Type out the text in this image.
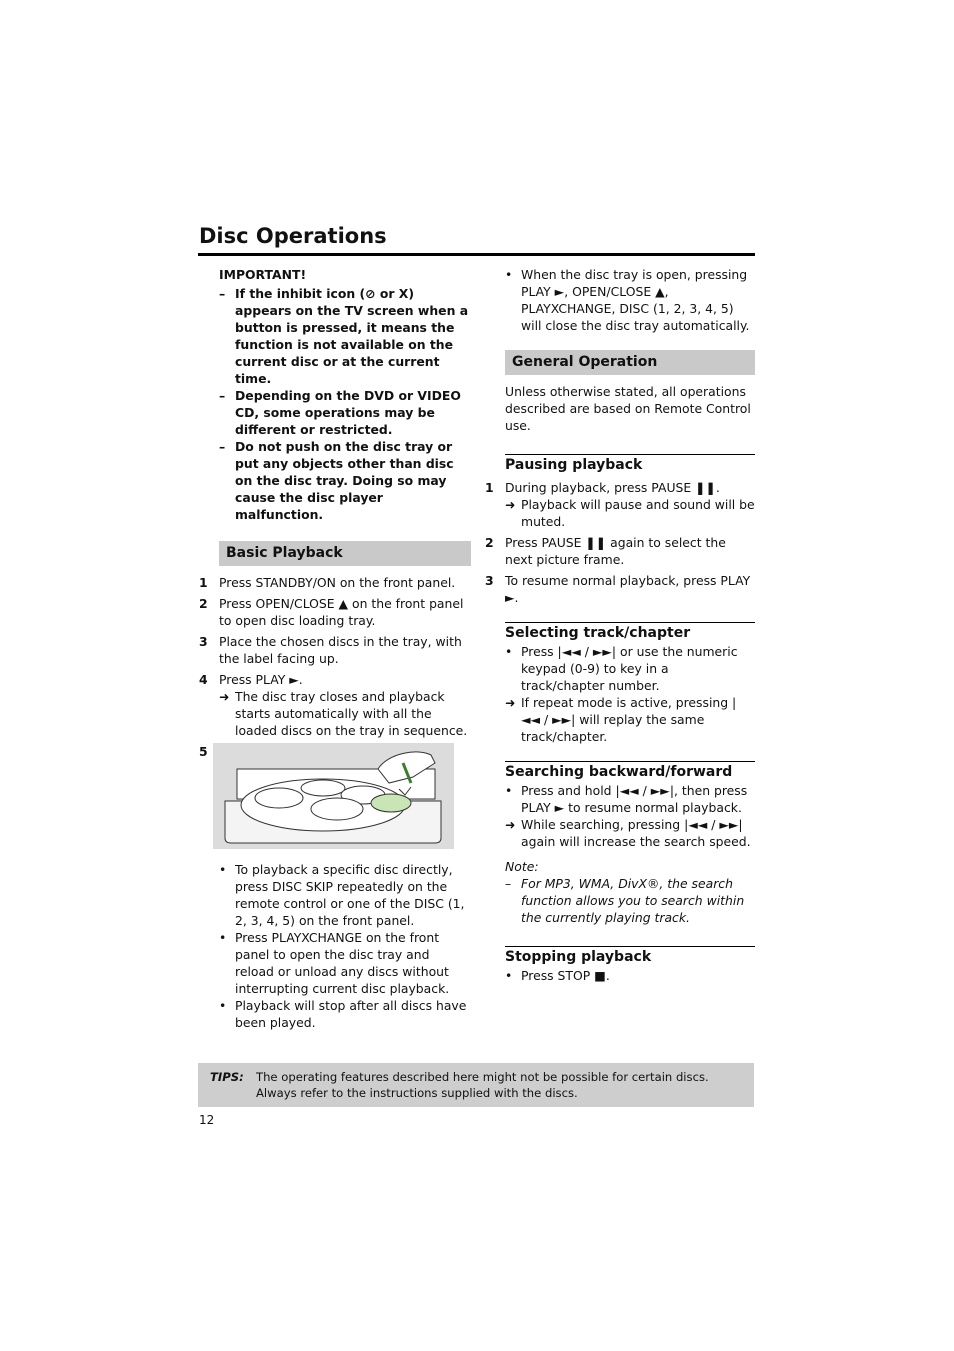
Disc Operations
IMPORTANT!
– If the inhibit icon (⊘ or X) appears on the TV screen when a button is pressed, it means the function is not available on the current disc or at the current time.
– Depending on the DVD or VIDEO CD, some operations may be different or restricted.
– Do not push on the disc tray or put any objects other than disc on the disc tray. Doing so may cause the disc player malfunction.
Basic Playback
1 Press STANDBY/ON on the front panel.
2 Press OPEN/CLOSE ▲ on the front panel to open disc loading tray.
3 Place the chosen discs in the tray, with the label facing up.
4 Press PLAY ►.
➜ The disc tray closes and playback starts automatically with all the loaded discs on the tray in sequence.
5
• To playback a specific disc directly, press DISC SKIP repeatedly on the remote control or one of the DISC (1, 2, 3, 4, 5) on the front panel.
• Press PLAYXCHANGE on the front panel to open the disc tray and reload or unload any discs without interrupting current disc playback.
• Playback will stop after all discs have been played.
• When the disc tray is open, pressing PLAY ►, OPEN/CLOSE ▲, PLAYXCHANGE, DISC (1, 2, 3, 4, 5) will close the disc tray automatically.
General Operation
Unless otherwise stated, all operations described are based on Remote Control use.
Pausing playback
1 During playback, press PAUSE ❚❚.
➜ Playback will pause and sound will be muted.
2 Press PAUSE ❚❚ again to select the next picture frame.
3 To resume normal playback, press PLAY ►.
Selecting track/chapter
• Press |◄◄ / ►►| or use the numeric keypad (0-9) to key in a track/chapter number.
➜ If repeat mode is active, pressing |◄◄ / ►►| will replay the same track/chapter.
Searching backward/forward
• Press and hold |◄◄ / ►►|, then press PLAY ► to resume normal playback.
➜ While searching, pressing |◄◄ / ►►| again will increase the search speed.
Note:
– For MP3, WMA, DivX®, the search function allows you to search within the currently playing track.
Stopping playback
• Press STOP ■.
TIPS: The operating features described here might not be possible for certain discs. Always refer to the instructions supplied with the discs.
12
